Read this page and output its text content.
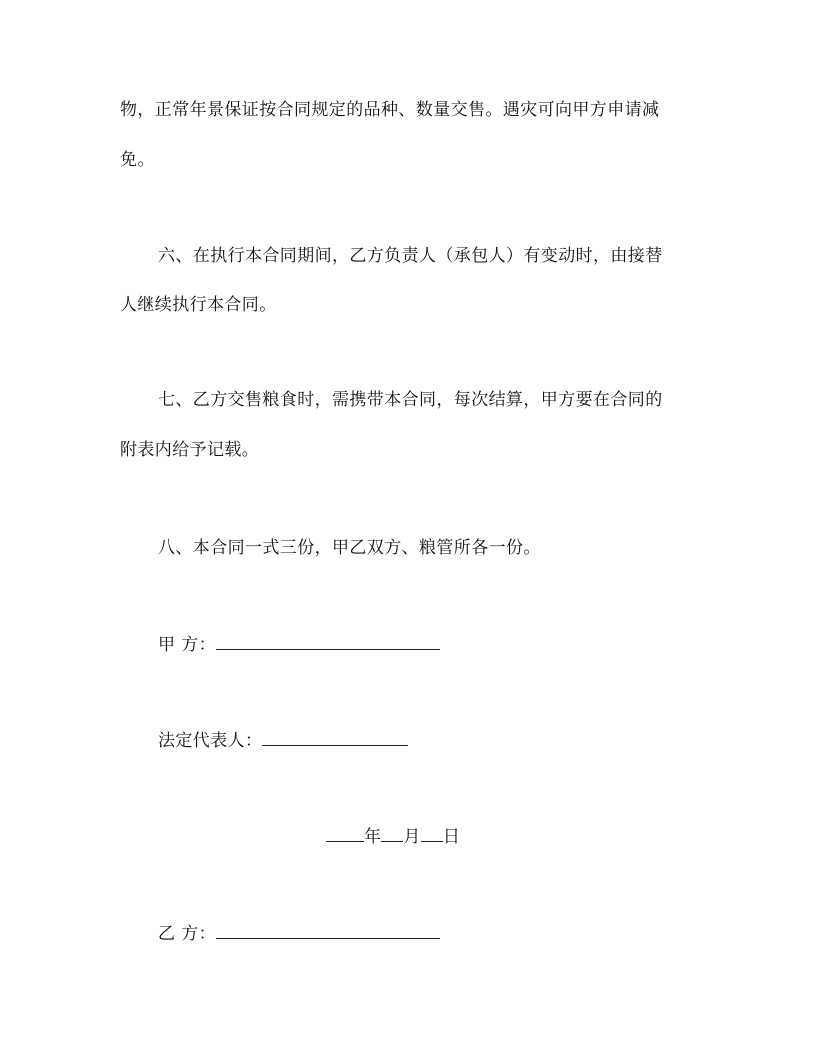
物，正常年景保证按合同规定的品种、数量交售。遇灾可向甲方申请减
免。
六、在执行本合同期间，乙方负责人（承包人）有变动时，由接替
人继续执行本合同。
七、乙方交售粮食时，需携带本合同，每次结算，甲方要在合同的
附表内给予记载。
八、本合同一式三份，甲乙双方、粮管所各一份。
甲 方：
法定代表人：
年 月 日
乙 方：
